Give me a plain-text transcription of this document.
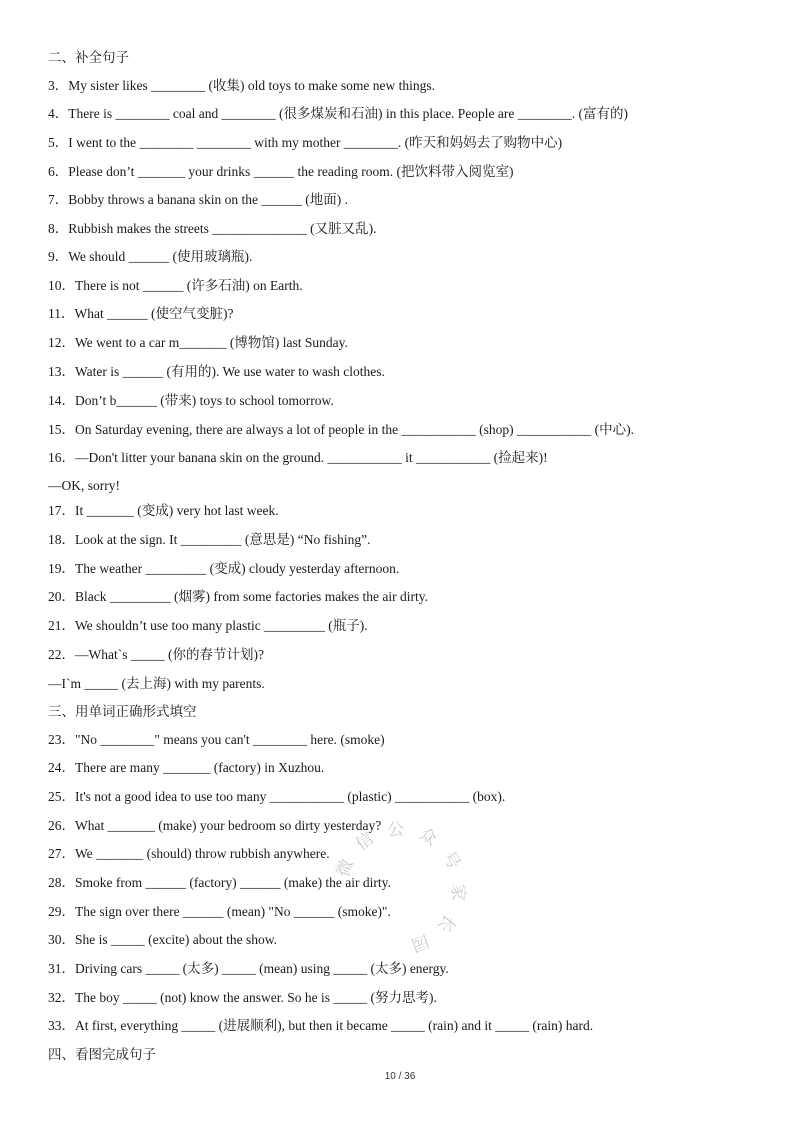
二、补全句子
3．My sister likes ________ (收集) old toys to make some new things.
4．There is ________ coal and ________ (很多煤炭和石油) in this place. People are ________. (富有的)
5．I went to the ________ ________ with my mother ________. (昨天和妈妈去了购物中心)
6．Please don’t _______ your drinks ______ the reading room. (把饮料带入阅览室)
7．Bobby throws a banana skin on the ______ (地面) .
8．Rubbish makes the streets ______________ (又脏又乱).
9．We should ______ (使用玻璃瓶).
10．There is not ______ (许多石油) on Earth.
11．What ______ (使空气变脏)?
12．We went to a car m_______ (博物馆) last Sunday.
13．Water is ______ (有用的). We use water to wash clothes.
14．Don’t b______ (带来) toys to school tomorrow.
15．On Saturday evening, there are always a lot of people in the ___________ (shop) ___________ (中心).
16．—Don't litter your banana skin on the ground. ___________ it ___________ (捡起来)!
—OK, sorry!
17．It _______ (变成) very hot last week.
18．Look at the sign. It _________ (意思是) “No fishing”.
19．The weather _________ (变成) cloudy yesterday afternoon.
20．Black _________ (烟雾) from some factories makes the air dirty.
21．We shouldn’t use too many plastic _________ (瓶子).
22．—What`s _____ (你的春节计划)?
—I`m _____ (去上海) with my parents.
三、用单词正确形式填空
23．"No ________" means you can't ________ here. (smoke)
24．There are many _______ (factory) in Xuzhou.
25．It's not a good idea to use too many ___________ (plastic) ___________ (box).
26．What _______ (make) your bedroom so dirty yesterday?
27．We _______ (should) throw rubbish anywhere.
28．Smoke from ______ (factory) ______ (make) the air dirty.
29．The sign over there ______ (mean) "No ______ (smoke)".
30．She is _____ (excite) about the show.
31．Driving cars _____ (太多) _____ (mean) using _____ (太多) energy.
32．The boy _____ (not) know the answer. So he is _____ (努力思考).
33．At first, everything _____ (进展顺利), but then it became _____ (rain) and it _____ (rain) hard.
四、看图完成句子
微
信 公 众
号
家
长
园
10 / 36
